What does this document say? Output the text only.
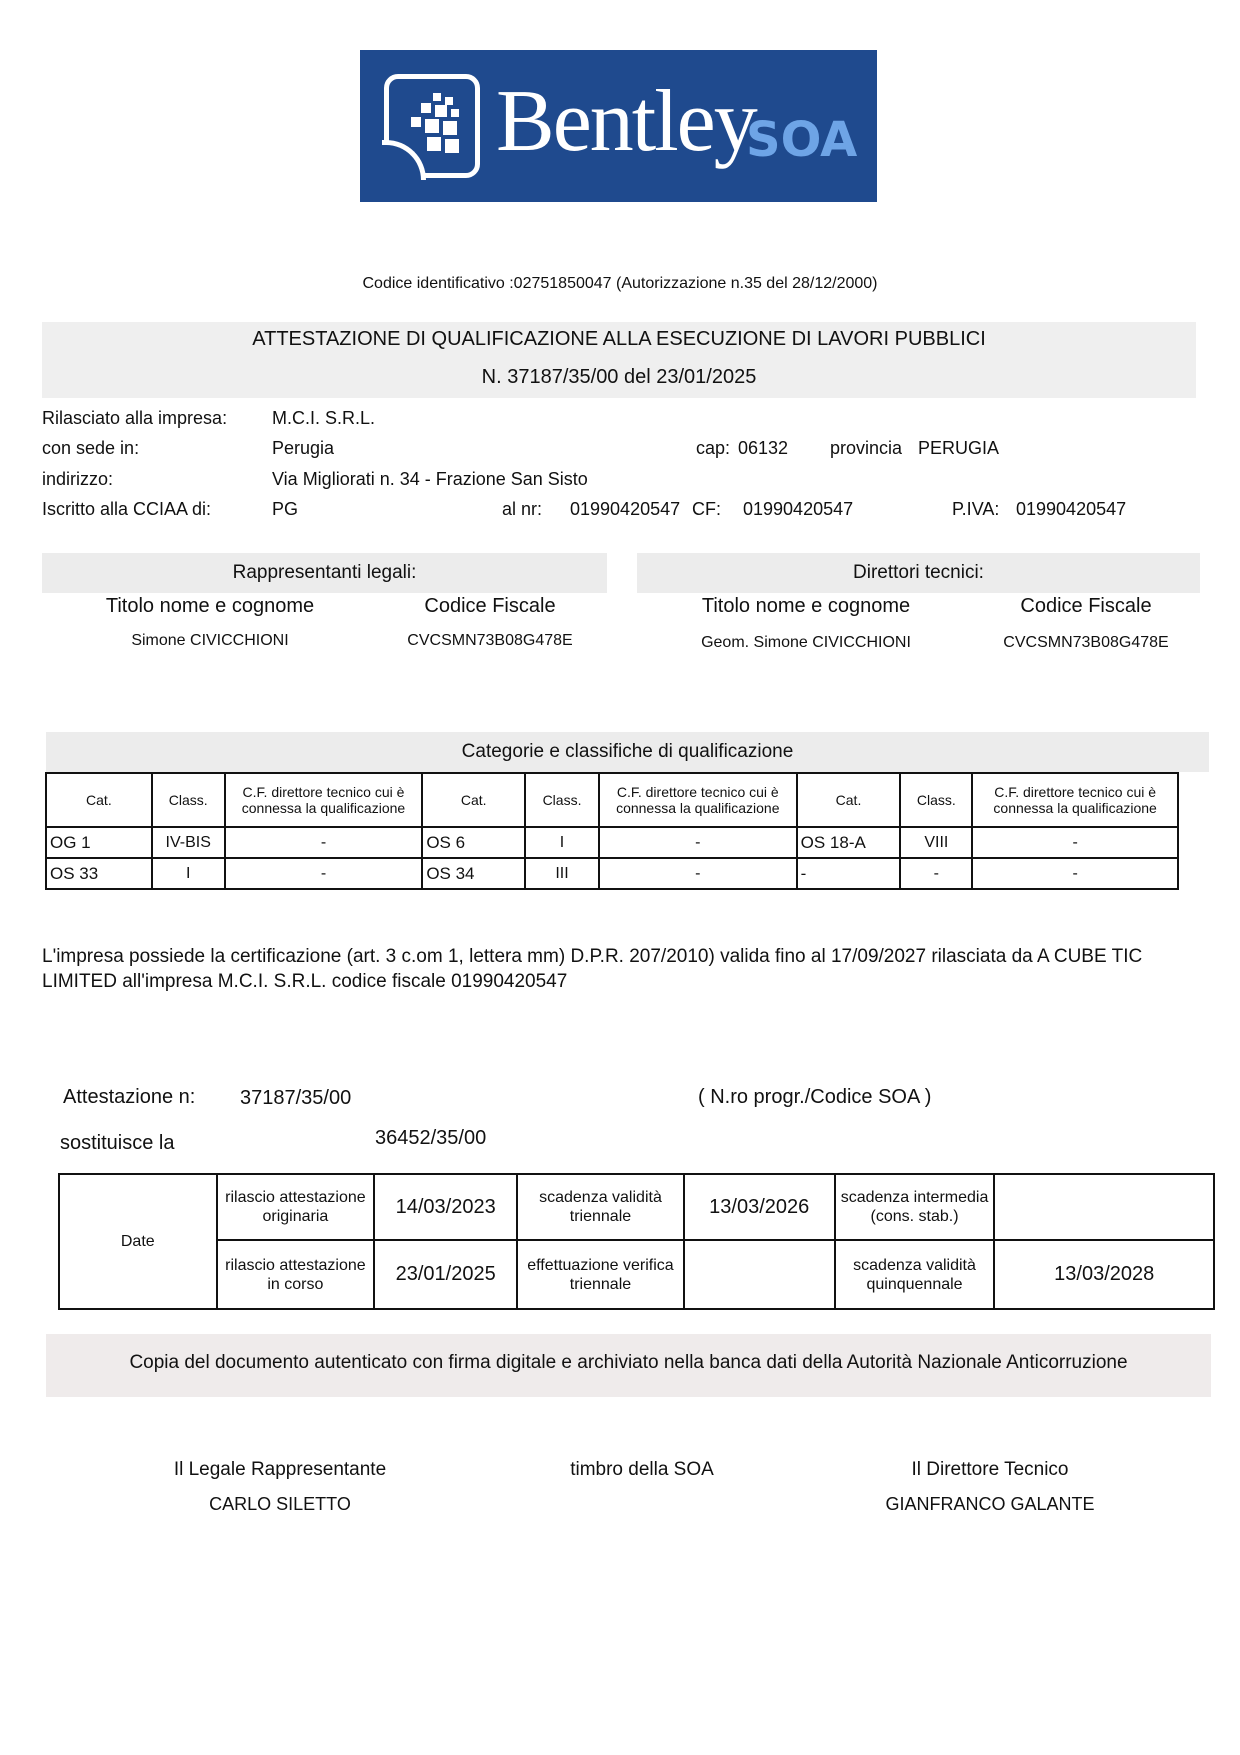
Bentley
SOA
Codice identificativo :02751850047 (Autorizzazione n.35 del 28/12/2000)
ATTESTAZIONE DI QUALIFICAZIONE ALLA ESECUZIONE DI LAVORI PUBBLICI
N. 37187/35/00 del 23/01/2025
Rilasciato alla impresa: M.C.I. S.R.L.
con sede in:	Perugia	cap: 06132 provincia PERUGIA
indirizzo:	Via Migliorati n. 34 - Frazione San Sisto
Iscritto alla CCIAA di:	PG	al nr: 01990420547 CF: 01990420547	P.IVA: 01990420547
Rappresentanti legali:	Direttori tecnici:
Titolo nome e cognome	Codice Fiscale
Simone CIVICCHIONI	CVCSMN73B08G478E
Titolo nome e cognome	Codice Fiscale
Geom. Simone CIVICCHIONI	CVCSMN73B08G478E
Categorie e classifiche di qualificazione
Cat.	Class.	C.F. direttore tecnico cui è connessa la qualificazione	Cat.	Class.	C.F. direttore tecnico cui è connessa la qualificazione	Cat.	Class.	C.F. direttore tecnico cui è connessa la qualificazione
OG 1	IV-BIS	-	OS 6	I	-	OS 18-A	VIII	-
OS 33	I	-	OS 34	III	-	-	-	-
L'impresa possiede la certificazione (art. 3 c.om 1, lettera mm) D.P.R. 207/2010) valida fino al 17/09/2027 rilasciata da A CUBE TIC LIMITED all'impresa M.C.I. S.R.L. codice fiscale 01990420547
Attestazione n: 37187/35/00	( N.ro progr./Codice SOA )
sostituisce la	36452/35/00
Date	rilascio attestazione originaria	14/03/2023	scadenza validità triennale	13/03/2026	scadenza intermedia (cons. stab.)	
	rilascio attestazione in corso	23/01/2025	effettuazione verifica triennale		scadenza validità quinquennale	13/03/2028
Copia del documento autenticato con firma digitale e archiviato nella banca dati della Autorità Nazionale Anticorruzione
Il Legale Rappresentante
CARLO SILETTO
timbro della SOA	Il Direttore Tecnico
GIANFRANCO GALANTE
